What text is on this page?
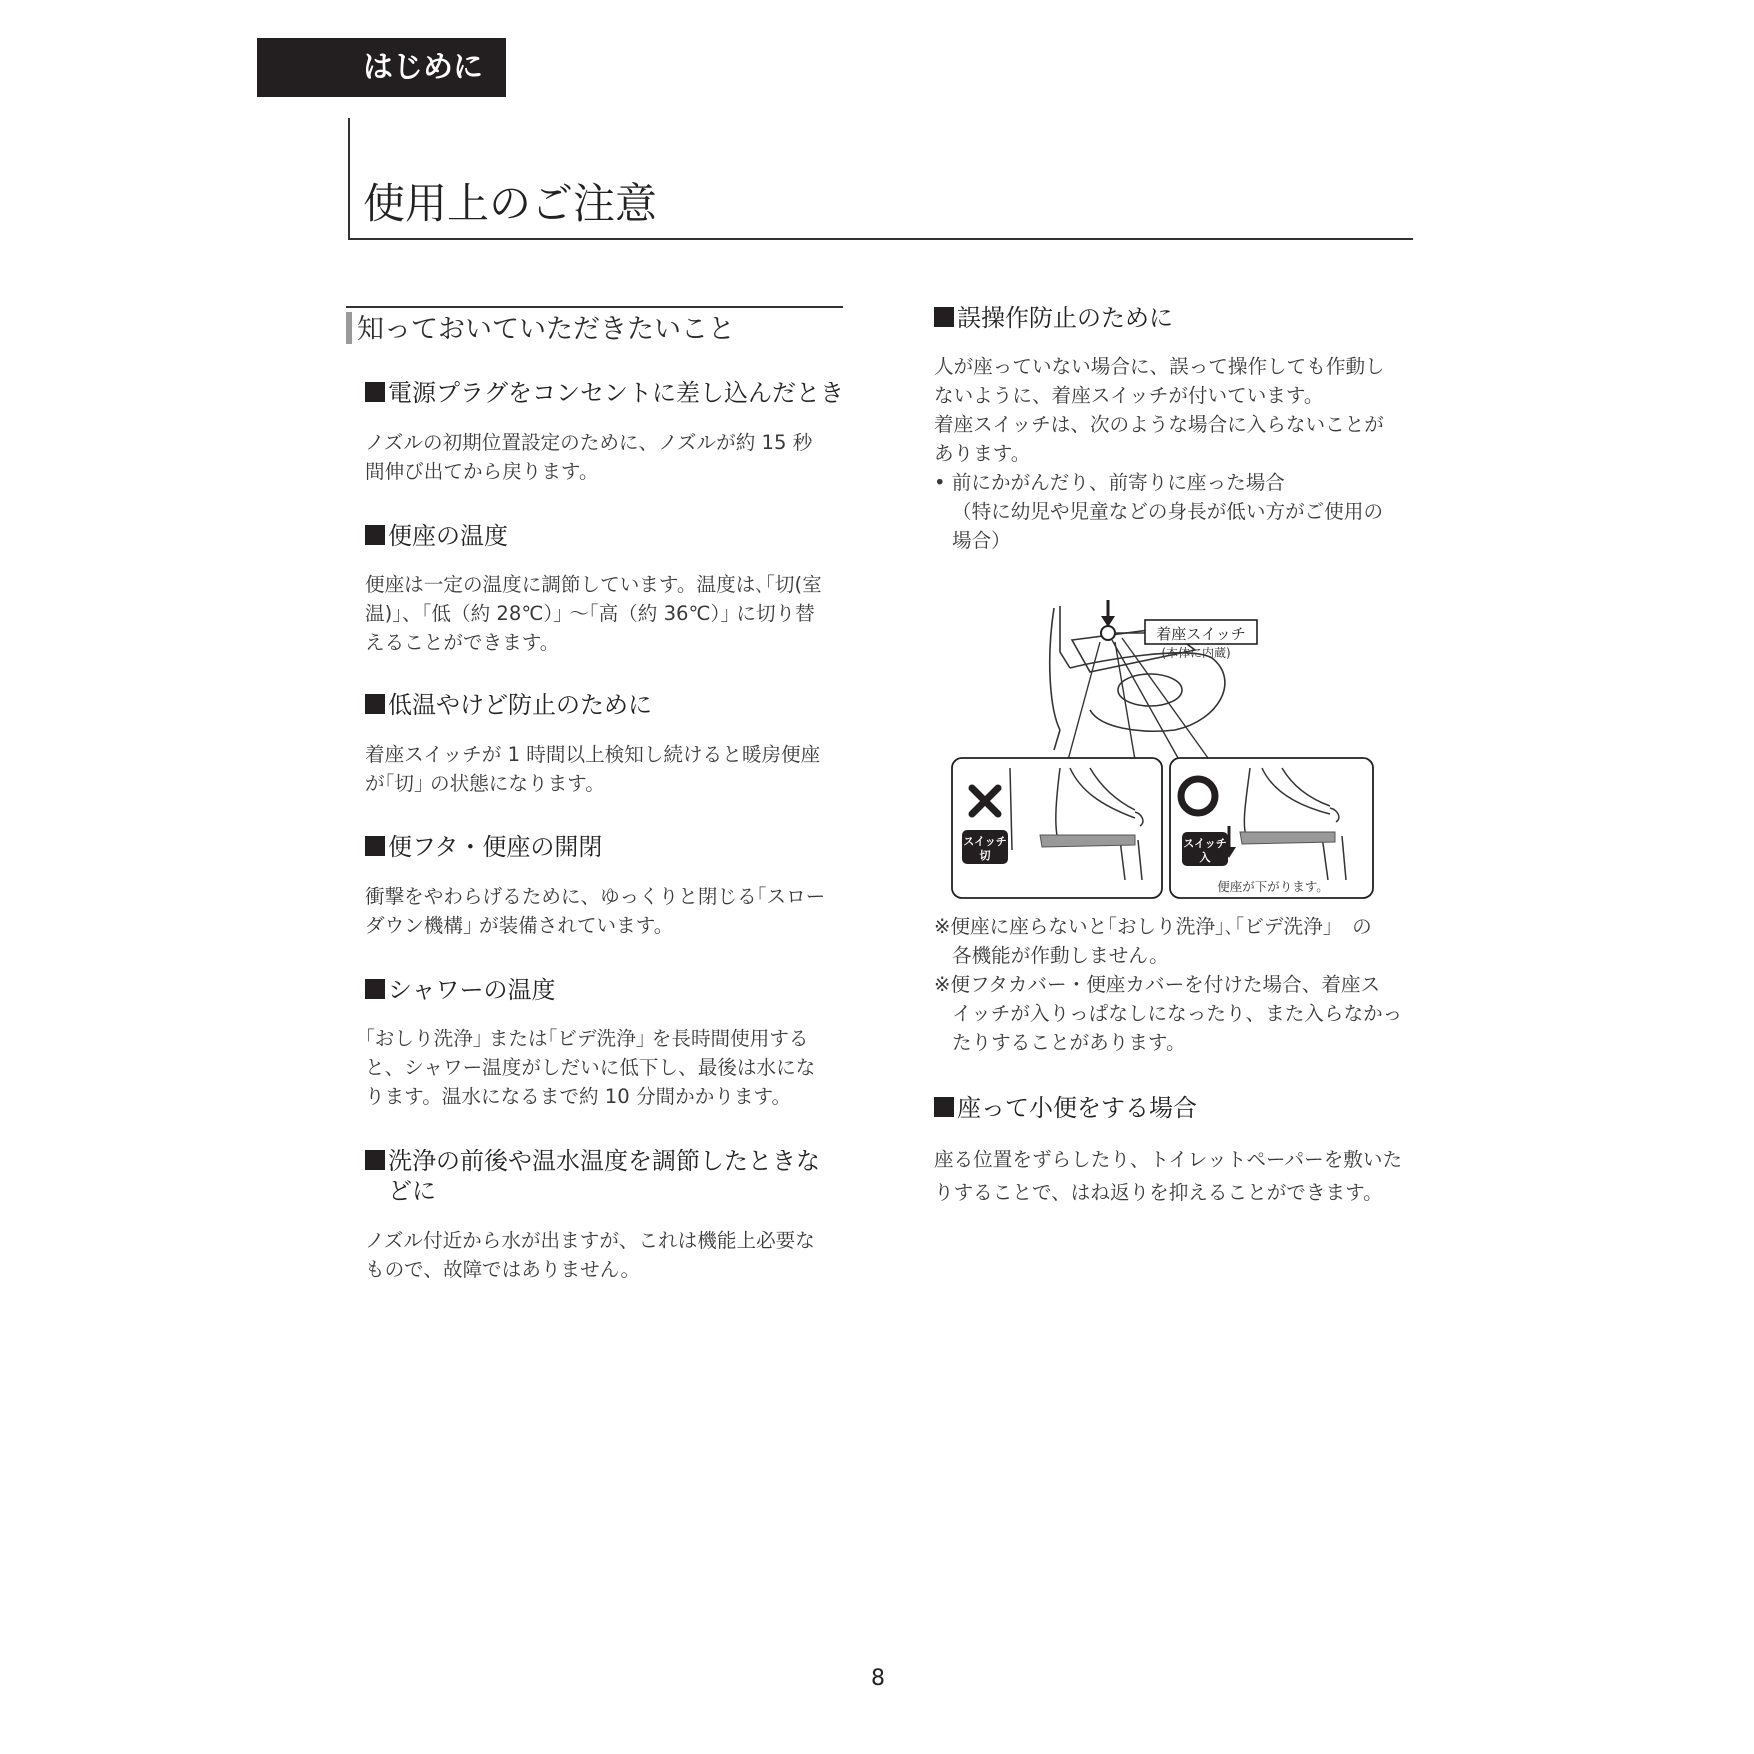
はじめに
使用上のご注意
知っておいていただきたいこと
電源プラグをコンセントに差し込んだとき
ノズルの初期位置設定のために、ノズルが約 15 秒
間伸び出てから戻ります。
便座の温度
便座は一定の温度に調節しています。温度は､｢切(室
温)｣、｢低（約 28℃）｣ ～｢高（約 36℃）｣ に切り替
えることができます。
低温やけど防止のために
着座スイッチが 1 時間以上検知し続けると暖房便座
が｢切｣ の状態になります。
便フタ・便座の開閉
衝撃をやわらげるために、ゆっくりと閉じる｢スロー
ダウン機構｣ が装備されています。
シャワーの温度
｢おしり洗浄｣ または｢ビデ洗浄｣ を長時間使用する
と、シャワー温度がしだいに低下し、最後は水にな
ります。温水になるまで約 10 分間かかります。
洗浄の前後や温水温度を調節したときな
どに
ノズル付近から水が出ますが、これは機能上必要な
もので、故障ではありません。
誤操作防止のために
人が座っていない場合に、誤って操作しても作動し
ないように、着座スイッチが付いています。
着座スイッチは、次のような場合に入らないことが
あります。
• 前にかがんだり、前寄りに座った場合
（特に幼児や児童などの身長が低い方がご使用の
場合）
着座スイッチ
(本体に内蔵)
スイッチ
切
スイッチ
入
便座が下がります。
※便座に座らないと｢おしり洗浄｣､｢ビデ洗浄｣　の
各機能が作動しません。
※便フタカバー・便座カバーを付けた場合、着座ス
イッチが入りっぱなしになったり、また入らなかっ
たりすることがあります。
座って小便をする場合
座る位置をずらしたり、トイレットペーパーを敷いた
りすることで、はね返りを抑えることができます。
8
